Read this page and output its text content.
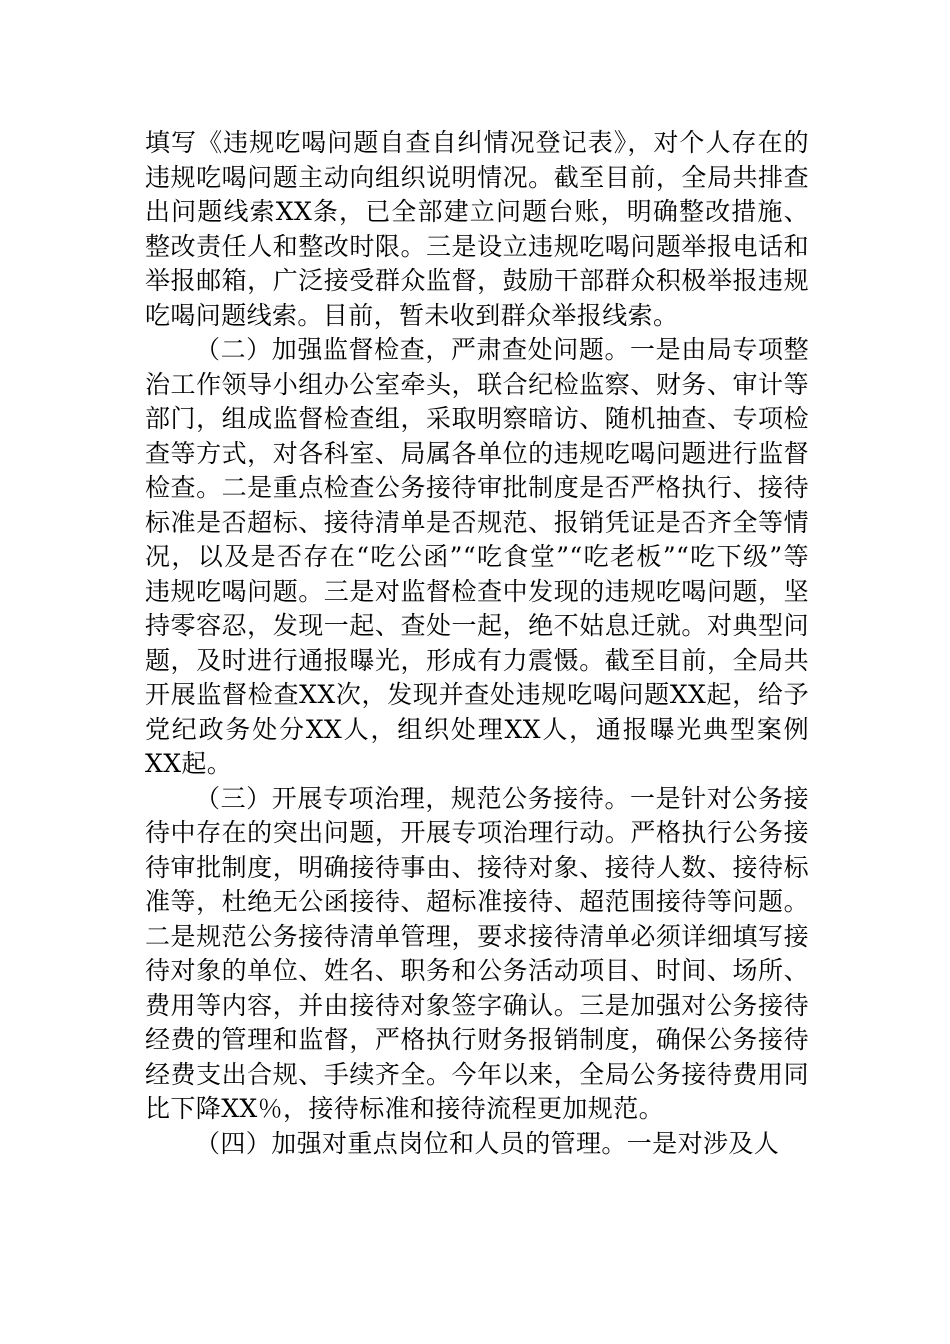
填写《违规吃喝问题自查自纠情况登记表》，对个人存在的违规吃喝问题主动向组织说明情况。截至目前，全局共排查出问题线索XX条，已全部建立问题台账，明确整改措施、整改责任人和整改时限。三是设立违规吃喝问题举报电话和举报邮箱，广泛接受群众监督，鼓励干部群众积极举报违规吃喝问题线索。目前，暂未收到群众举报线索。

（二）加强监督检查，严肃查处问题。一是由局专项整治工作领导小组办公室牵头，联合纪检监察、财务、审计等部门，组成监督检查组，采取明察暗访、随机抽查、专项检查等方式，对各科室、局属各单位的违规吃喝问题进行监督检查。二是重点检查公务接待审批制度是否严格执行、接待标准是否超标、接待清单是否规范、报销凭证是否齐全等情况，以及是否存在“吃公函”“吃食堂”“吃老板”“吃下级”等违规吃喝问题。三是对监督检查中发现的违规吃喝问题，坚持零容忍，发现一起、查处一起，绝不姑息迁就。对典型问题，及时进行通报曝光，形成有力震慑。截至目前，全局共开展监督检查XX次，发现并查处违规吃喝问题XX起，给予党纪政务处分XX人，组织处理XX人，通报曝光典型案例XX起。

（三）开展专项治理，规范公务接待。一是针对公务接待中存在的突出问题，开展专项治理行动。严格执行公务接待审批制度，明确接待事由、接待对象、接待人数、接待标准等，杜绝无公函接待、超标准接待、超范围接待等问题。二是规范公务接待清单管理，要求接待清单必须详细填写接待对象的单位、姓名、职务和公务活动项目、时间、场所、费用等内容，并由接待对象签字确认。三是加强对公务接待经费的管理和监督，严格执行财务报销制度，确保公务接待经费支出合规、手续齐全。今年以来，全局公务接待费用同比下降XX％，接待标准和接待流程更加规范。

（四）加强对重点岗位和人员的管理。一是对涉及人
